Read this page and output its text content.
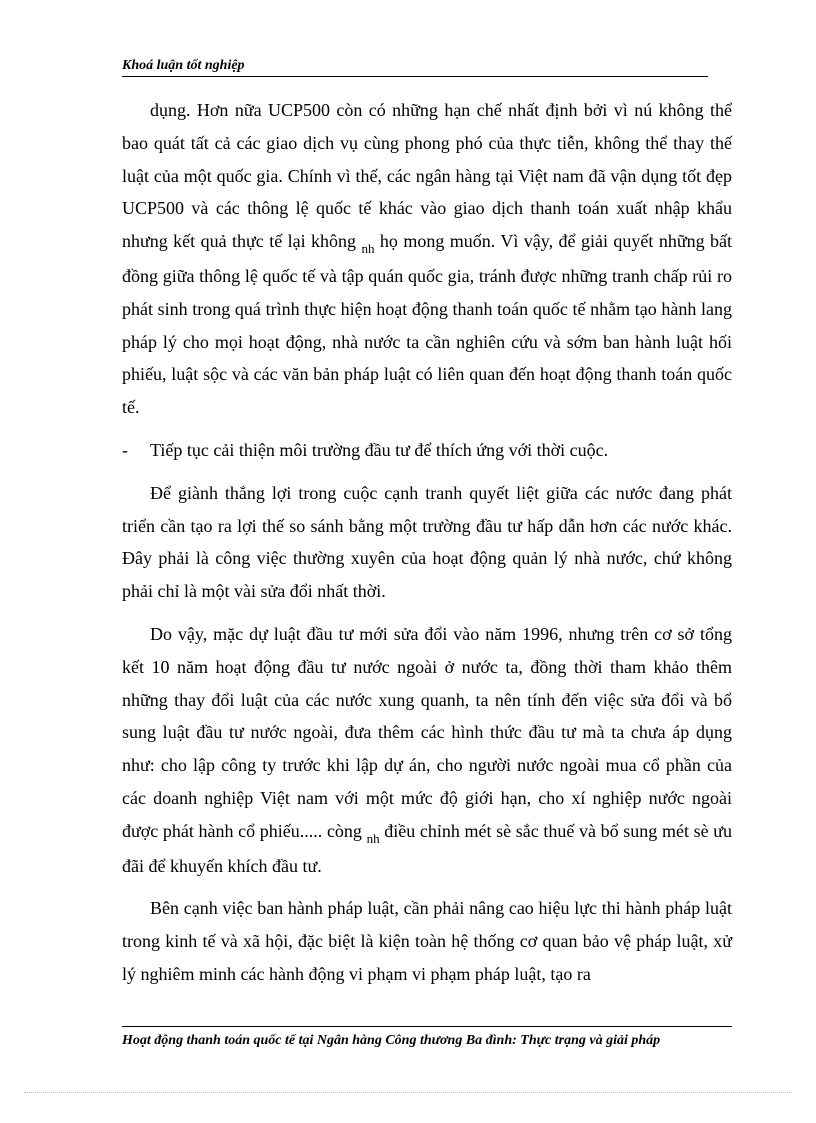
Khoá luận tốt nghiệp

dụng. Hơn nữa UCP500 còn có những hạn chế nhất định bởi vì nú không thể bao quát tất cả các giao dịch vụ cùng phong phó của thực tiễn, không thể thay thế luật của một quốc gia. Chính vì thế, các ngân hàng tại Việt nam đã vận dụng tốt đẹp UCP500 và các thông lệ quốc tế khác vào giao dịch thanh toán xuất nhập khẩu nhưng kết quả thực tế lại không $_{nh}$ họ mong muốn. Vì vậy, để giải quyết những bất đồng giữa thông lệ quốc tế và tập quán quốc gia, tránh được những tranh chấp rủi ro phát sinh trong quá trình thực hiện hoạt động thanh toán quốc tế nhằm tạo hành lang pháp lý cho mọi hoạt động, nhà nước ta cần nghiên cứu và sớm ban hành luật hối phiếu, luật sộc và các văn bản pháp luật có liên quan đến hoạt động thanh toán quốc tế.

-	Tiếp tục cải thiện môi trường đầu tư để thích ứng với thời cuộc.

Để giành thắng lợi trong cuộc cạnh tranh quyết liệt giữa các nước đang phát triển cần tạo ra lợi thế so sánh bằng một trường đầu tư hấp dẫn hơn các nước khác. Đây phải là công việc thường xuyên của hoạt động quản lý nhà nước, chứ không phải chỉ là một vài sửa đổi nhất thời.

Do vậy, mặc dự luật đầu tư mới sửa đổi vào năm 1996, nhưng trên cơ sở tổng kết 10 năm hoạt động đầu tư nước ngoài ở nước ta, đồng thời tham khảo thêm những thay đổi luật của các nước xung quanh, ta nên tính đến việc sửa đổi và bổ sung luật đầu tư nước ngoài, đưa thêm các hình thức đầu tư mà ta chưa áp dụng như: cho lập công ty trước khi lập dự án, cho người nước ngoài mua cổ phần của các doanh nghiệp Việt nam với một mức độ giới hạn, cho xí nghiệp nước ngoài được phát hành cổ phiếu..... còng $_{nh}$ điều chỉnh mét sè sắc thuế và bổ sung mét sè ưu đãi để khuyến khích đầu tư.

Bên cạnh việc ban hành pháp luật, cần phải nâng cao hiệu lực thi hành pháp luật trong kinh tế và xã hội, đặc biệt là kiện toàn hệ thống cơ quan bảo vệ pháp luật, xử lý nghiêm minh các hành động vi phạm vi phạm pháp luật, tạo ra

Hoạt động thanh toán quốc tế tại Ngân hàng Công thương Ba đình: Thực trạng và giải pháp
